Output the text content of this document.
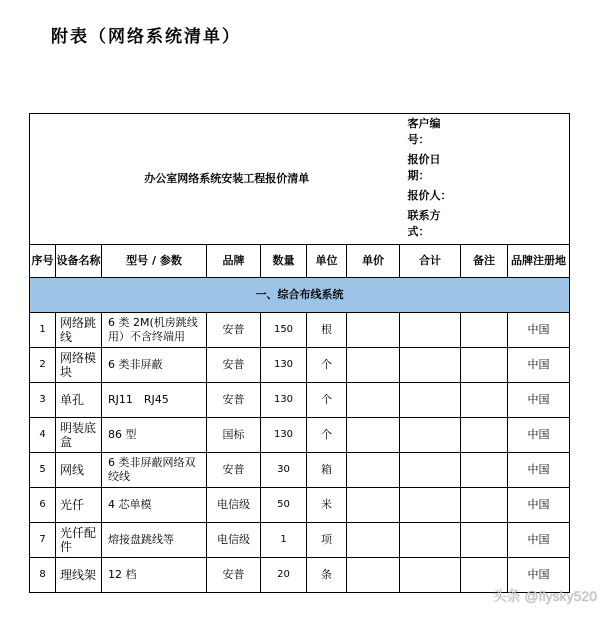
附表（网络系统清单）
办公室网络系统安装工程报价清单							客户编号：
报价日期：
报价人：
联系方式：		

序号	设备名称	型号 / 参数	品牌	数量	单位	单价	合计	备注	品牌注册地
一、综合布线系统									
1	网络跳线	6 类 2M(机房跳线用）不含终端用	安普	150	根				中国
2	网络模块	6 类非屏蔽	安普	130	个				中国
3	单孔	RJ11　RJ45	安普	130	个				中国
4	明装底盒	86 型	国标	130	个				中国
5	网线	6 类非屏蔽网络双绞线	安普	30	箱				中国
6	光仟	4 芯单模	电信级	50	米				中国
7	光仟配件	熔接盘跳线等	电信级	1	项				中国
8	理线架	12 档	安普	20	条				中国
头条 @flysky520
